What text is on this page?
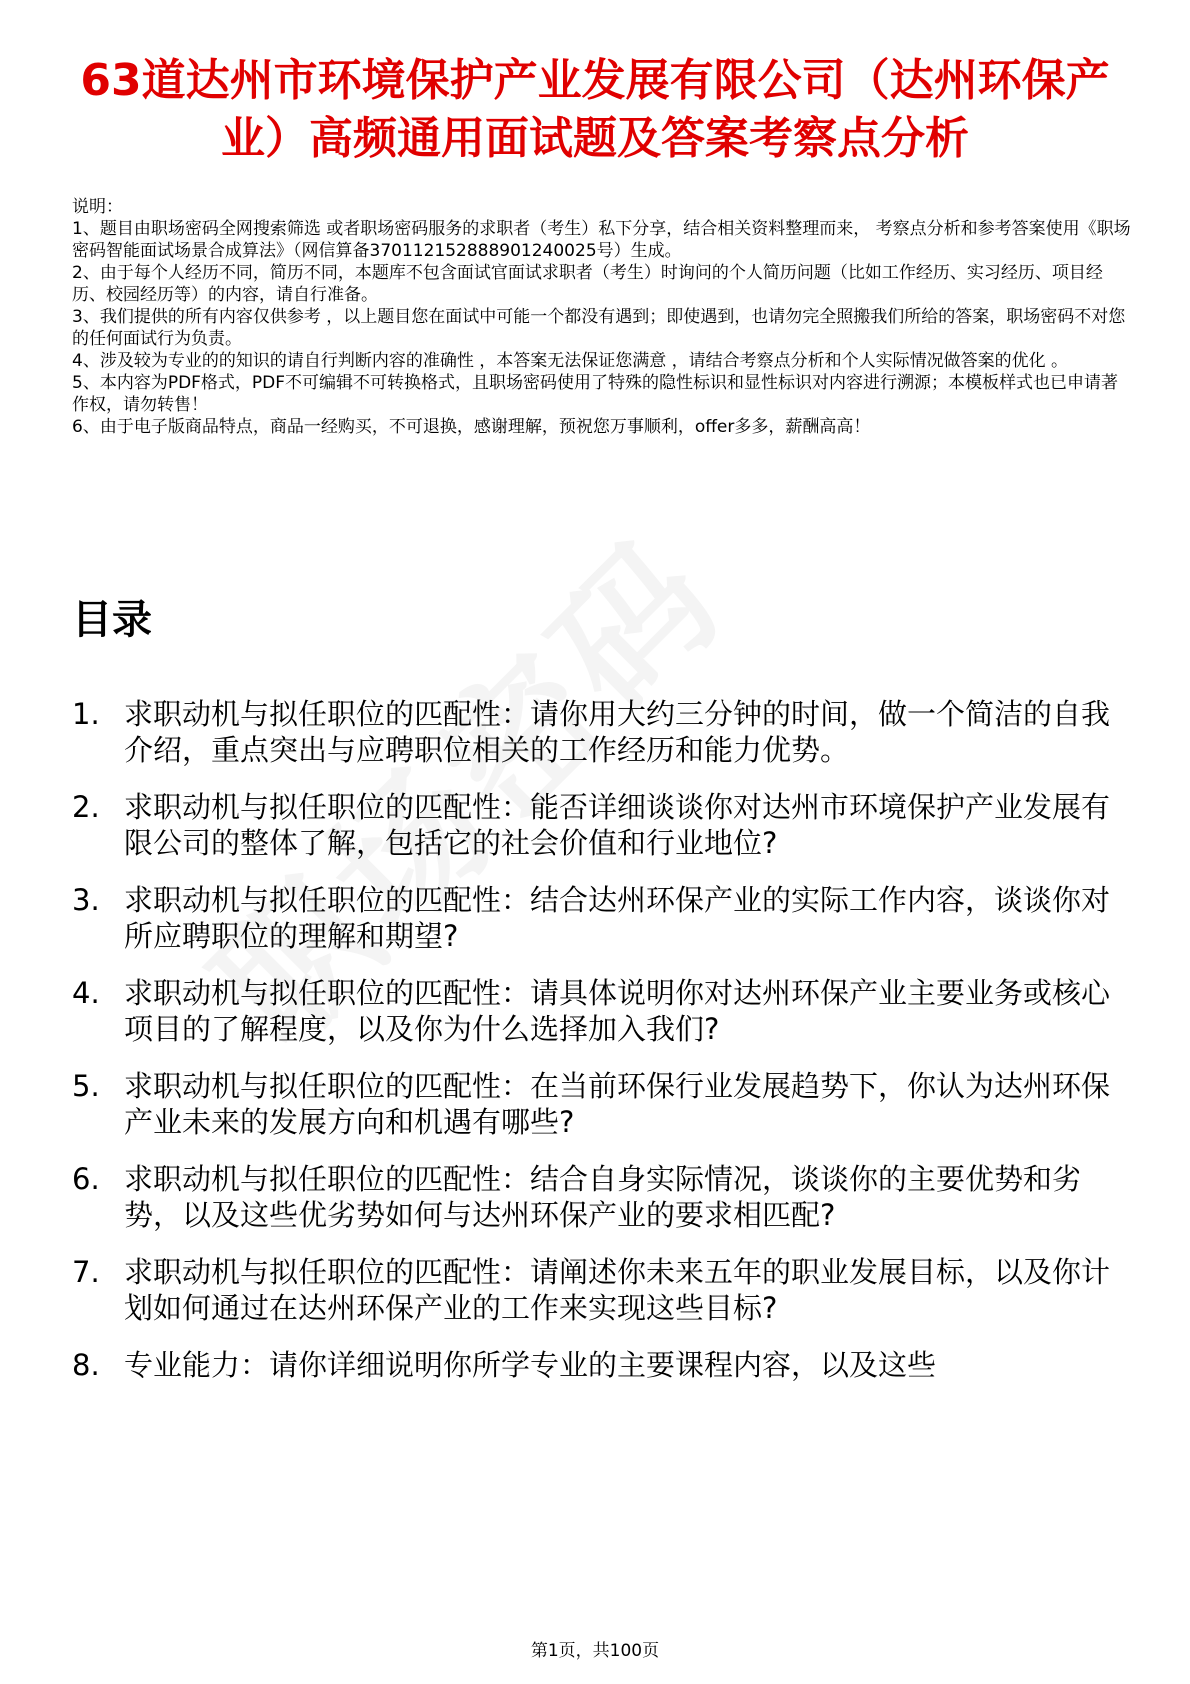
63道达州市环境保护产业发展有限公司（达州环保产业）高频通用面试题及答案考察点分析

说明：

1、题目由职场密码全网搜索筛选 或者职场密码服务的求职者（考生）私下分享，结合相关资料整理而来， 考察点分析和参考答案使用《职场密码智能面试场景合成算法》（网信算备370112152888901240025号）生成。

2、由于每个人经历不同，简历不同，本题库不包含面试官面试求职者（考生）时询问的个人简历问题（比如工作经历、实习经历、项目经历、校园经历等）的内容，请自行准备。

3、我们提供的所有内容仅供参考 ，以上题目您在面试中可能一个都没有遇到；即使遇到，也请勿完全照搬我们所给的答案，职场密码不对您的任何面试行为负责。

4、涉及较为专业的的知识的请自行判断内容的准确性 ，本答案无法保证您满意 ，请结合考察点分析和个人实际情况做答案的优化 。

5、本内容为PDF格式，PDF不可编辑不可转换格式，且职场密码使用了特殊的隐性标识和显性标识对内容进行溯源；本模板样式也已申请著作权，请勿转售！

6、由于电子版商品特点，商品一经购买，不可退换，感谢理解，预祝您万事顺利，offer多多，薪酬高高！

目录
1. 求职动机与拟任职位的匹配性：请你用大约三分钟的时间，做一个简洁的自我介绍，重点突出与应聘职位相关的工作经历和能力优势。
2. 求职动机与拟任职位的匹配性：能否详细谈谈你对达州市环境保护产业发展有限公司的整体了解，包括它的社会价值和行业地位?
3. 求职动机与拟任职位的匹配性：结合达州环保产业的实际工作内容，谈谈你对所应聘职位的理解和期望?
4. 求职动机与拟任职位的匹配性：请具体说明你对达州环保产业主要业务或核心项目的了解程度，以及你为什么选择加入我们?
5. 求职动机与拟任职位的匹配性：在当前环保行业发展趋势下，你认为达州环保产业未来的发展方向和机遇有哪些?
6. 求职动机与拟任职位的匹配性：结合自身实际情况，谈谈你的主要优势和劣势，以及这些优劣势如何与达州环保产业的要求相匹配?
7. 求职动机与拟任职位的匹配性：请阐述你未来五年的职业发展目标，以及你计划如何通过在达州环保产业的工作来实现这些目标?
8. 专业能力：请你详细说明你所学专业的主要课程内容，以及这些
第1页，共100页
